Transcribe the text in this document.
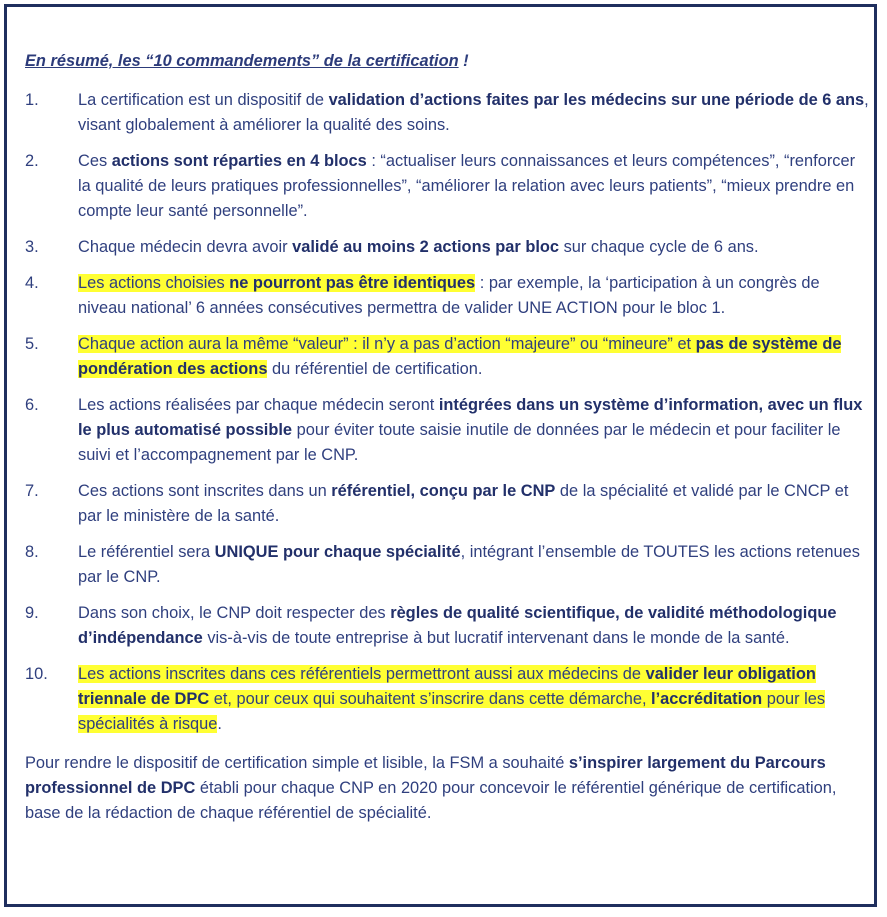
En résumé, les “10 commandements” de la certification !

1.	La certification est un dispositif de validation d’actions faites par les médecins sur une période de 6 ans, visant globalement à améliorer la qualité des soins.
2.	Ces actions sont réparties en 4 blocs : “actualiser leurs connaissances et leurs compétences”, “renforcer la qualité de leurs pratiques professionnelles”, “améliorer la relation avec leurs patients”, “mieux prendre en compte leur santé personnelle”.
3.	Chaque médecin devra avoir validé au moins 2 actions par bloc sur chaque cycle de 6 ans.
4.	Les actions choisies ne pourront pas être identiques : par exemple, la ‘participation à un congrès de niveau national’ 6 années consécutives permettra de valider UNE ACTION pour le bloc 1.
5.	Chaque action aura la même “valeur” : il n’y a pas d’action “majeure” ou “mineure” et pas de système de pondération des actions du référentiel de certification.
6.	Les actions réalisées par chaque médecin seront intégrées dans un système d’information, avec un flux le plus automatisé possible pour éviter toute saisie inutile de données par le médecin et pour faciliter le suivi et l’accompagnement par le CNP.
7.	Ces actions sont inscrites dans un référentiel, conçu par le CNP de la spécialité et validé par le CNCP et par le ministère de la santé.
8.	Le référentiel sera UNIQUE pour chaque spécialité, intégrant l’ensemble de TOUTES les actions retenues par le CNP.
9.	Dans son choix, le CNP doit respecter des règles de qualité scientifique, de validité méthodologique d’indépendance vis-à-vis de toute entreprise à but lucratif intervenant dans le monde de la santé.
10.	Les actions inscrites dans ces référentiels permettront aussi aux médecins de valider leur obligation triennale de DPC et, pour ceux qui souhaitent s’inscrire dans cette démarche, l’accréditation pour les spécialités à risque.

Pour rendre le dispositif de certification simple et lisible, la FSM a souhaité s’inspirer largement du Parcours professionnel de DPC établi pour chaque CNP en 2020 pour concevoir le référentiel générique de certification, base de la rédaction de chaque référentiel de spécialité.
